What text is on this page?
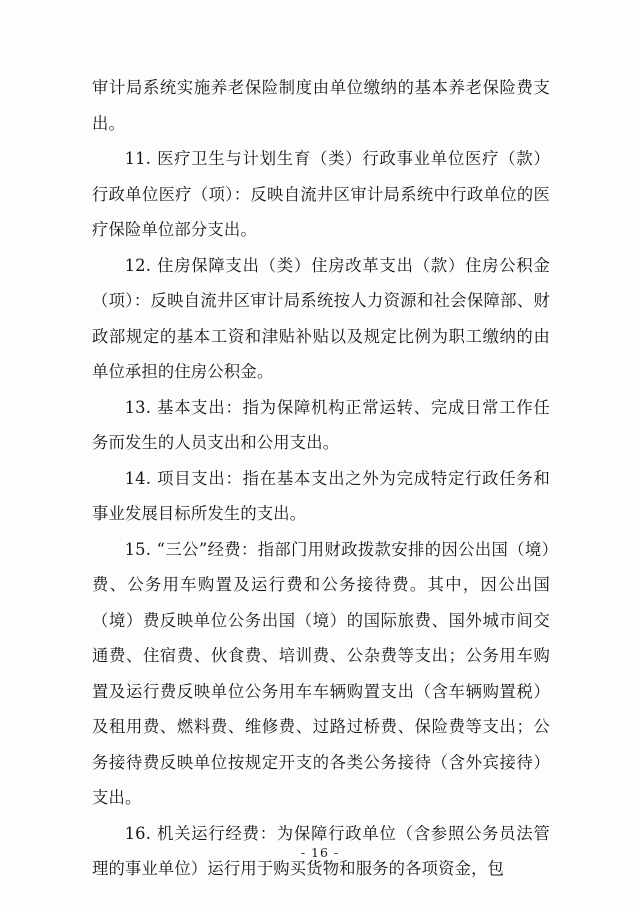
审计局系统实施养老保险制度由单位缴纳的基本养老保险费支出。

11. 医疗卫生与计划生育（类）行政事业单位医疗（款）行政单位医疗（项）：反映自流井区审计局系统中行政单位的医疗保险单位部分支出。

12. 住房保障支出（类）住房改革支出（款）住房公积金（项）：反映自流井区审计局系统按人力资源和社会保障部、财政部规定的基本工资和津贴补贴以及规定比例为职工缴纳的由单位承担的住房公积金。

13. 基本支出：指为保障机构正常运转、完成日常工作任务而发生的人员支出和公用支出。

14. 项目支出：指在基本支出之外为完成特定行政任务和事业发展目标所发生的支出。

15. “三公”经费：指部门用财政拨款安排的因公出国（境）费、公务用车购置及运行费和公务接待费。其中，因公出国（境）费反映单位公务出国（境）的国际旅费、国外城市间交通费、住宿费、伙食费、培训费、公杂费等支出；公务用车购置及运行费反映单位公务用车车辆购置支出（含车辆购置税）及租用费、燃料费、维修费、过路过桥费、保险费等支出；公务接待费反映单位按规定开支的各类公务接待（含外宾接待）支出。

16. 机关运行经费：为保障行政单位（含参照公务员法管理的事业单位）运行用于购买货物和服务的各项资金，包

- 16 -
